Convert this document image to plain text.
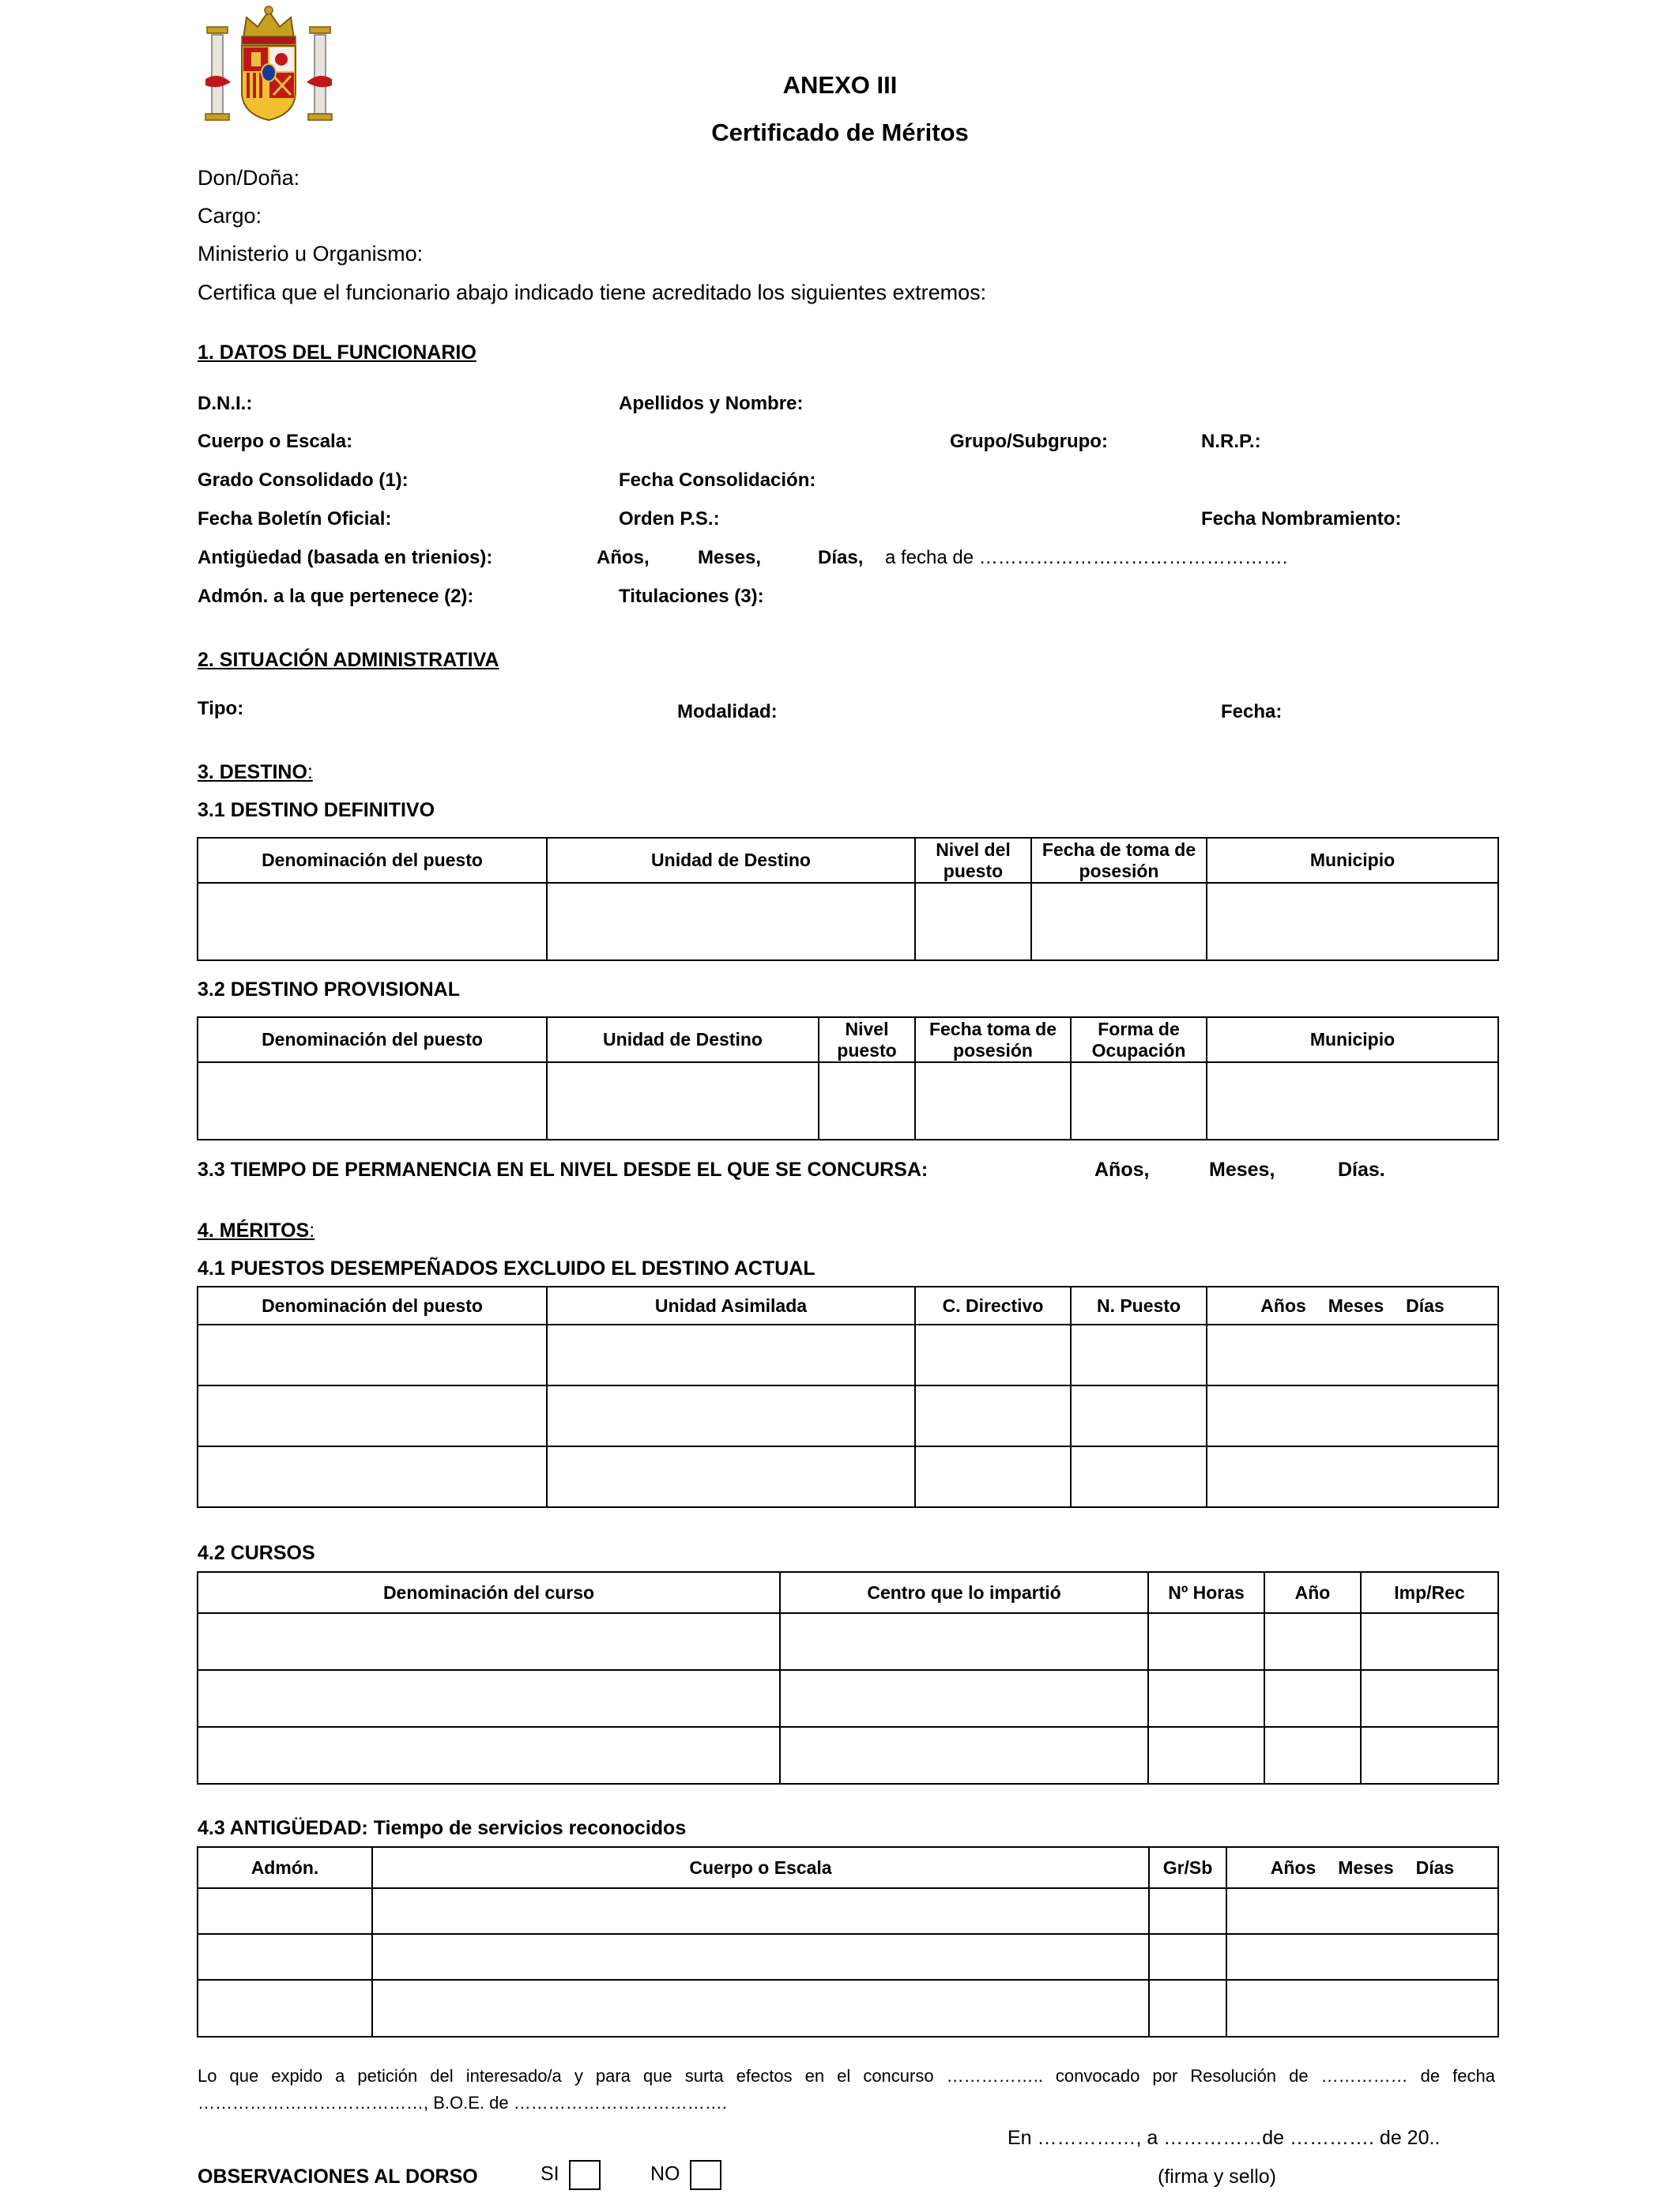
ANEXO III
Certificado de Méritos
Don/Doña:
Cargo:
Ministerio u Organismo:
Certifica que el funcionario abajo indicado tiene acreditado los siguientes extremos:
1. DATOS DEL FUNCIONARIO
D.N.I.:	Apellidos y Nombre:
Cuerpo o Escala:	Grupo/Subgrupo:	N.R.P.:
Grado Consolidado (1):	Fecha Consolidación:
Fecha Boletín Oficial:	Orden P.S.:	Fecha Nombramiento:
Antigüedad (basada en trienios):	Años,	Meses,	Días, a fecha de ………………………………………….
Admón. a la que pertenece (2):	Titulaciones (3):
2. SITUACIÓN ADMINISTRATIVA
Tipo:	Modalidad:	Fecha:
3. DESTINO:
3.1 DESTINO DEFINITIVO
Denominación del puesto	Unidad de Destino	Nivel del puesto	Fecha de toma de posesión	Municipio

3.2 DESTINO PROVISIONAL
Denominación del puesto	Unidad de Destino	Nivel puesto	Fecha toma de posesión	Forma de Ocupación	Municipio

3.3 TIEMPO DE PERMANENCIA EN EL NIVEL DESDE EL QUE SE CONCURSA:	Años,	Meses,	Días.
4. MÉRITOS:
4.1 PUESTOS DESEMPEÑADOS EXCLUIDO EL DESTINO ACTUAL
Denominación del puesto	Unidad Asimilada	C. Directivo	N. Puesto	Años Meses Días

4.2 CURSOS
Denominación del curso	Centro que lo impartió	Nº Horas	Año	Imp/Rec

4.3 ANTIGÜEDAD: Tiempo de servicios reconocidos
Admón.	Cuerpo o Escala	Gr/Sb	Años Meses Días

Lo que expido a petición del interesado/a y para que surta efectos en el concurso …………….. convocado por Resolución de …………… de fecha
…………………………………, B.O.E. de ……………………………….
En ……………, a ……………de …………. de 20..
OBSERVACIONES AL DORSO	SI	NO	(firma y sello)
